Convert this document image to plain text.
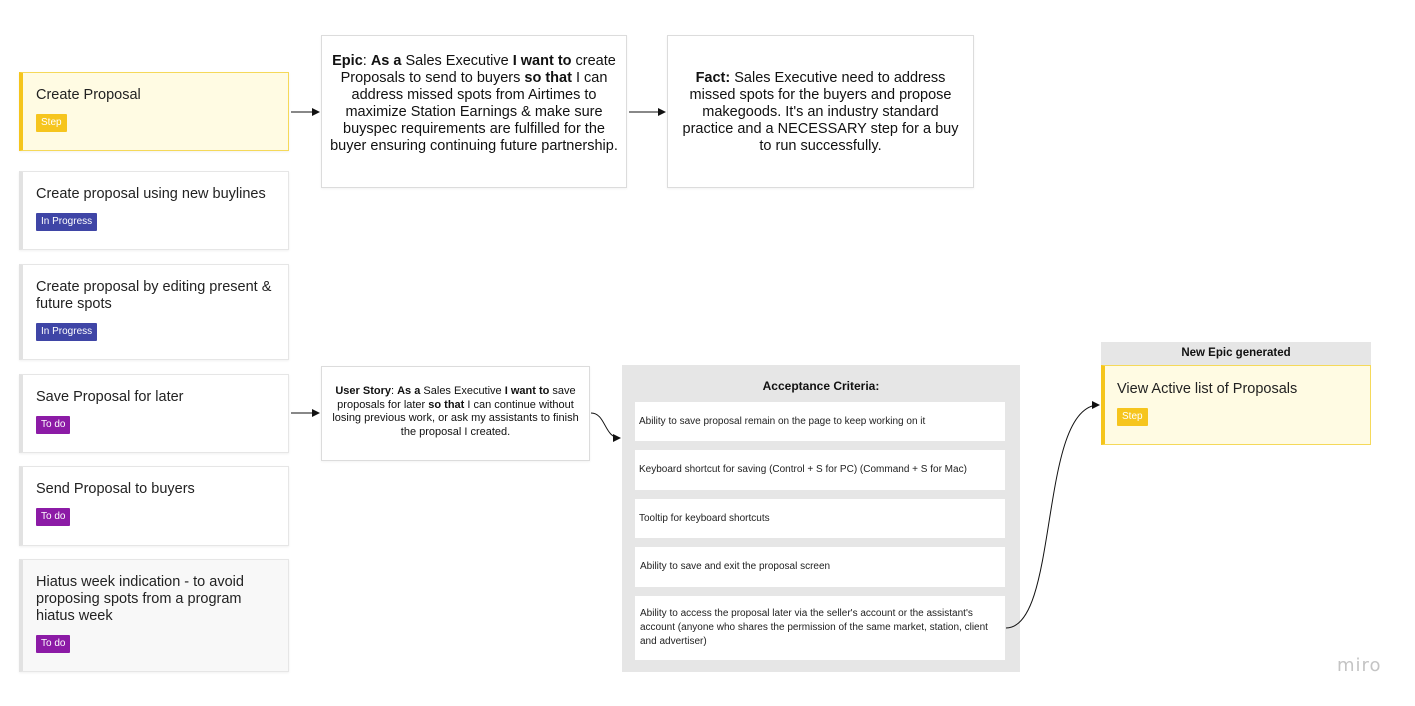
Create Proposal
Step
Create proposal using new buylines
In Progress
Create proposal by editing present & future spots
In Progress
Save Proposal for later
To do
Send Proposal to buyers
To do
Hiatus week indication - to avoid proposing spots from a program hiatus week
To do
Epic: As a Sales Executive I want to create Proposals to send to buyers so that I can address missed spots from Airtimes to maximize Station Earnings & make sure buyspec requirements are fulfilled for the buyer ensuring continuing future partnership.
Fact: Sales Executive need to address missed spots for the buyers and propose makegoods. It's an industry standard practice and a NECESSARY step for a buy to run successfully.
User Story: As a Sales Executive I want to save proposals for later so that I can continue without losing previous work, or ask my assistants to finish the proposal I created.
Acceptance Criteria:
Ability to save proposal remain on the page to keep working on it
Keyboard shortcut for saving (Control + S for PC) (Command + S for Mac)
Tooltip for keyboard shortcuts
Ability to save and exit the proposal screen
Ability to access the proposal later via the seller's account or the assistant's account (anyone who shares the permission of the same market, station, client and advertiser)
New Epic generated
View Active list of Proposals
Step
miro
